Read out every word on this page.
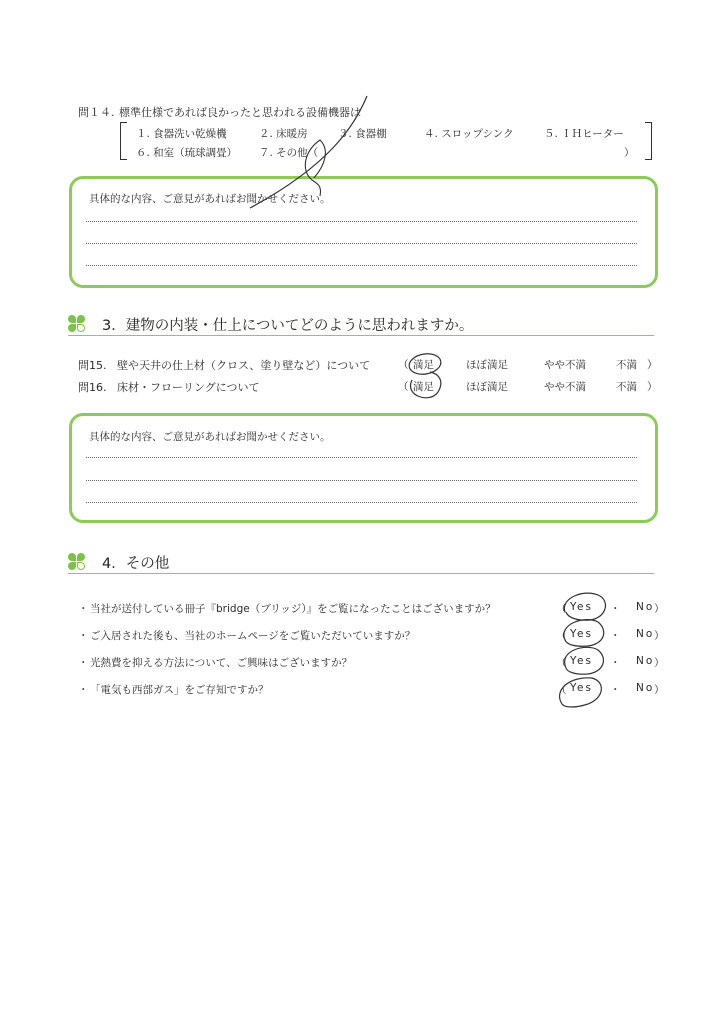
問１４. 標準仕様であれば良かったと思われる設備機器は
１. 食器洗い乾燥機	２. 床暖房	３. 食器棚	４. スロップシンク	５. ＩＨヒーター
６. 和室（琉球調畳） ７. その他（	）
具体的な内容、ご意見があればお聞かせください。
3．建物の内装・仕上についてどのように思われますか。
問15. 壁や天井の仕上材（クロス、塗り壁など）について	（ 満足	ほぼ満足	やや不満	不満 ）
問16. 床材・フローリングについて	（ 満足	ほぼ満足	やや不満	不満 ）
具体的な内容、ご意見があればお聞かせください。
4．その他
・ 当社が送付している冊子『bridge（ブリッジ）』をご覧になったことはございますか？	（ Yes ・ No ）
・ ご入居された後も、当社のホームページをご覧いただいていますか？	（ Yes ・ No ）
・ 光熱費を抑える方法について、ご興味はございますか？	（ Yes ・ No ）
・ 「電気も西部ガス」をご存知ですか？	（ Yes ・ No ）
